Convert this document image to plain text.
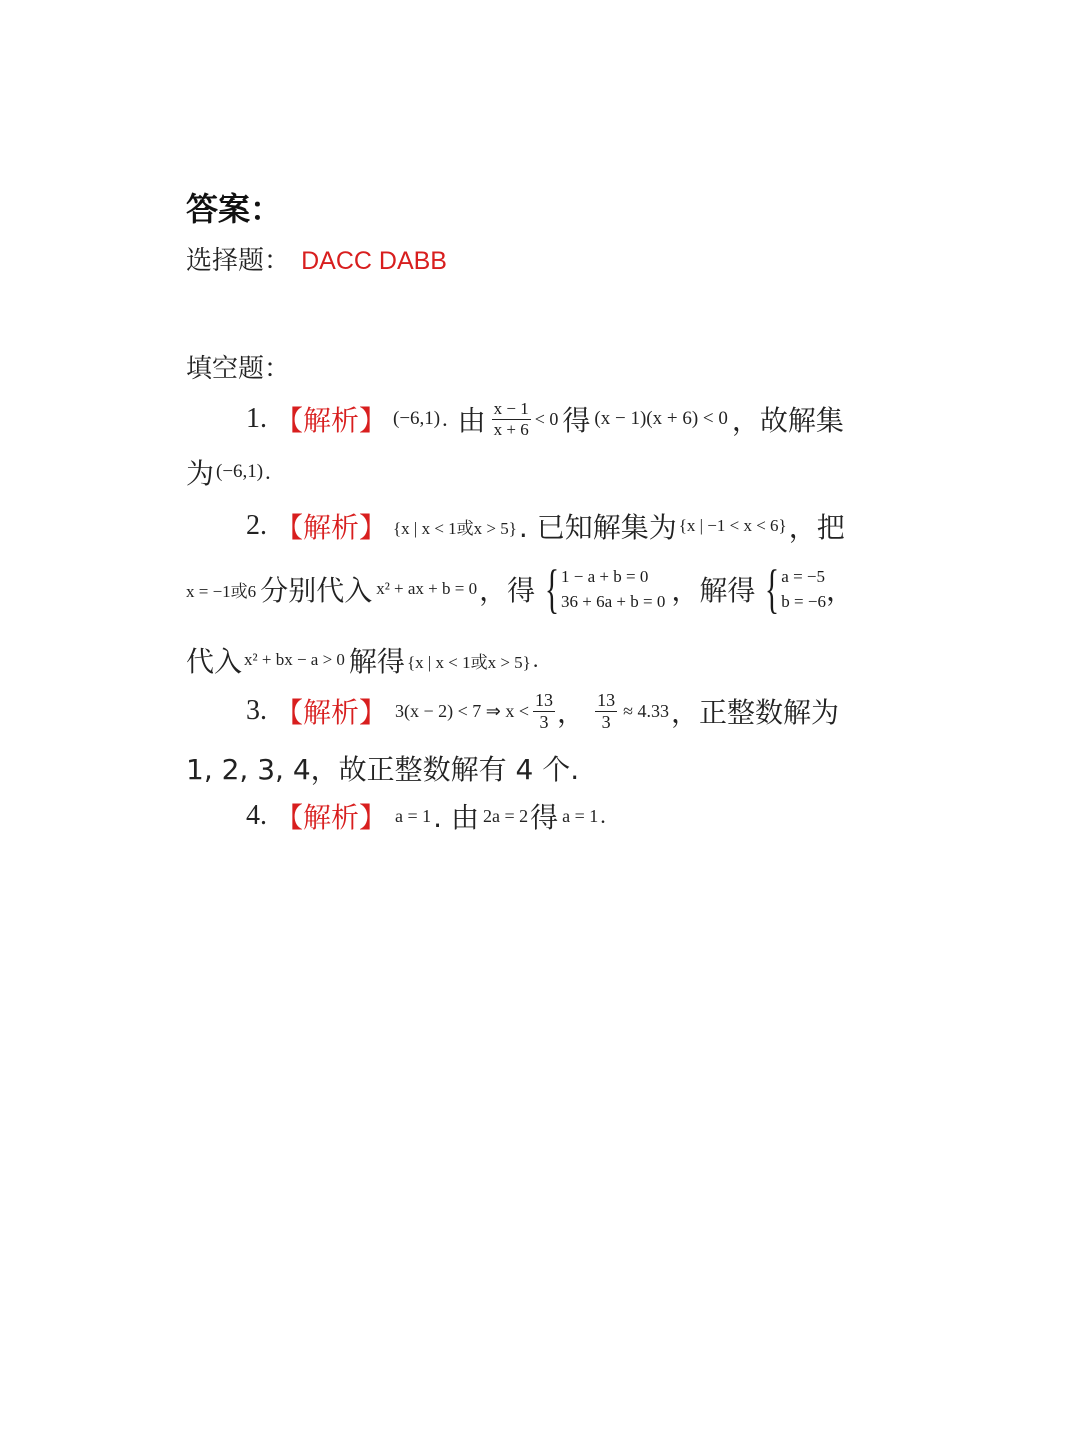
答案：
选择题： DACC DABB
填空题：
1. 【解析】 (−6,1) . 由 $\frac{x - 1}{x + 6} < 0$ 得 (x − 1)(x + 6) < 0 ，故解集
为 (−6,1) .
2. 【解析】 {x | x < 1或x > 5} . 已知解集为 {x | −1 < x < 6} ，把
x = −1或6 分别代入 x² + ax + b = 0 ，得 { 1 − a + b = 0
36 + 6a + b = 0 ，解得 { a = −5
b = −6 ，
代入 x² + bx − a > 0 解得 {x | x < 1或x > 5} .
3. 【解析】 3(x − 2) < 7 ⇒ $x < \frac{13}{3}$ ， $\frac{13}{3} \approx 4.33$ ，正整数解为
1, 2, 3, 4，故正整数解有 4 个.
4. 【解析】 a = 1 . 由 2a = 2 得 a = 1 .
